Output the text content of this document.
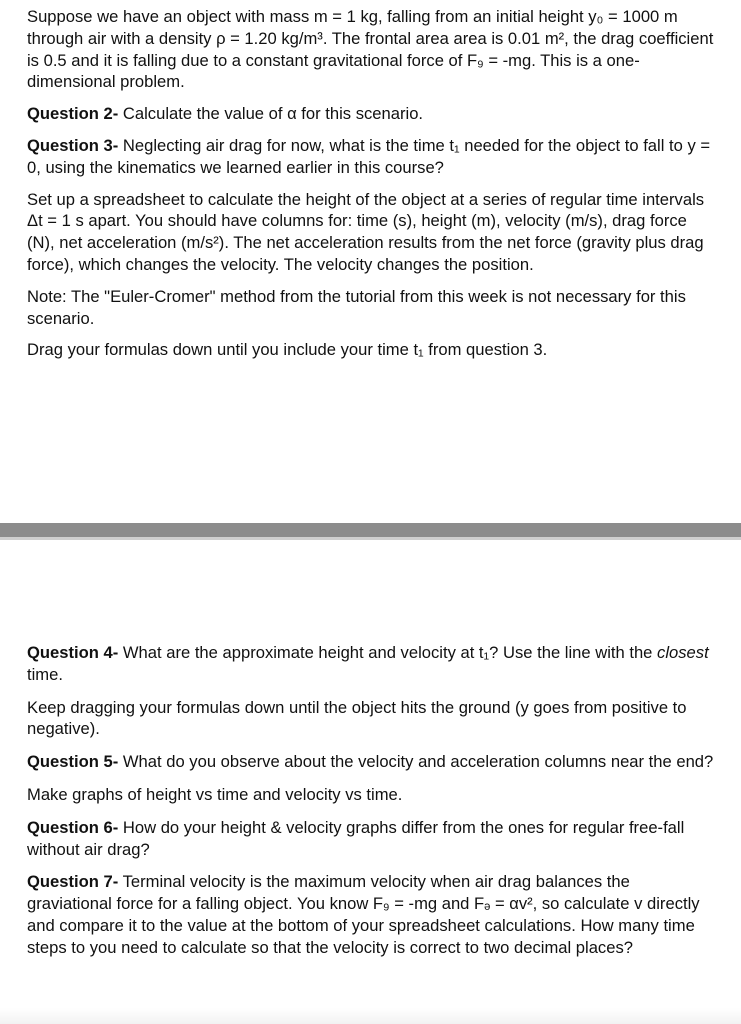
Suppose we have an object with mass m = 1 kg, falling from an initial height y₀ = 1000 m through air with a density ρ = 1.20 kg/m³. The frontal area area is 0.01 m², the drag coefficient is 0.5 and it is falling due to a constant gravitational force of F₉ = -mg. This is a one-dimensional problem.

Question 2- Calculate the value of α for this scenario.

Question 3- Neglecting air drag for now, what is the time t₁ needed for the object to fall to y = 0, using the kinematics we learned earlier in this course?

Set up a spreadsheet to calculate the height of the object at a series of regular time intervals Δt = 1 s apart. You should have columns for: time (s), height (m), velocity (m/s), drag force (N), net acceleration (m/s²). The net acceleration results from the net force (gravity plus drag force), which changes the velocity. The velocity changes the position.

Note: The "Euler-Cromer" method from the tutorial from this week is not necessary for this scenario.

Drag your formulas down until you include your time t₁ from question 3.

Question 4- What are the approximate height and velocity at t₁? Use the line with the closest time.

Keep dragging your formulas down until the object hits the ground (y goes from positive to negative).

Question 5- What do you observe about the velocity and acceleration columns near the end?

Make graphs of height vs time and velocity vs time.

Question 6- How do your height & velocity graphs differ from the ones for regular free-fall without air drag?

Question 7- Terminal velocity is the maximum velocity when air drag balances the graviational force for a falling object. You know F₉ = -mg and Fₔ = αv², so calculate v directly and compare it to the value at the bottom of your spreadsheet calculations. How many time steps to you need to calculate so that the velocity is correct to two decimal places?
